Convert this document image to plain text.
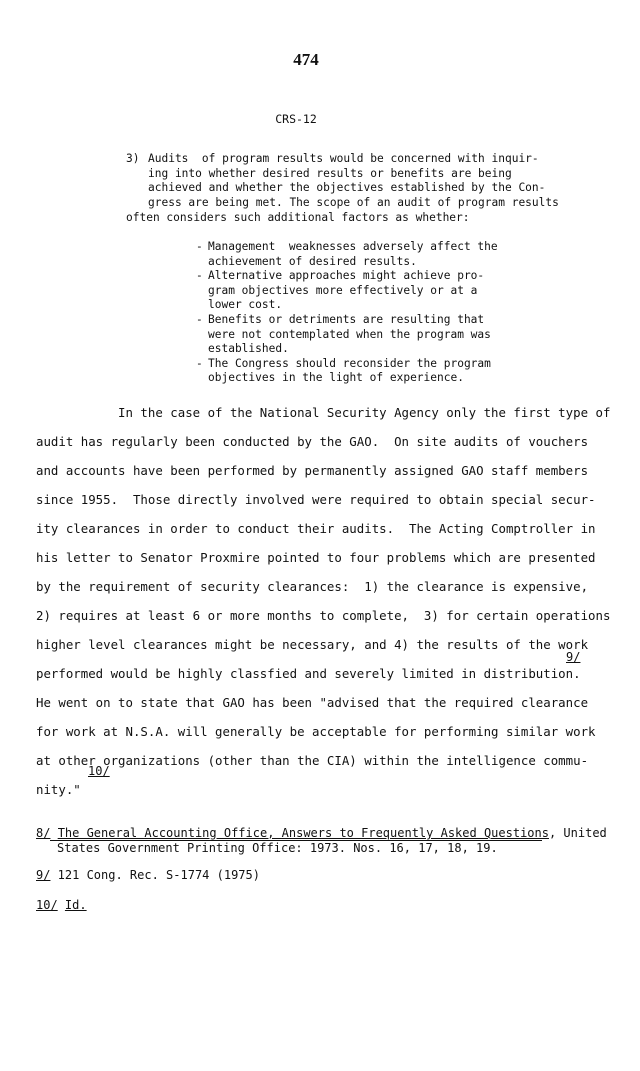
474
CRS-12
3) Audits  of program results would be concerned with inquir-
ing into whether desired results or benefits are being
achieved and whether the objectives established by the Con-
gress are being met. The scope of an audit of program results
often considers such additional factors as whether:
- Management  weaknesses adversely affect the
achievement of desired results.
- Alternative approaches might achieve pro-
gram objectives more effectively or at a
lower cost.
- Benefits or detriments are resulting that
were not contemplated when the program was
established.
- The Congress should reconsider the program
objectives in the light of experience.
In the case of the National Security Agency only the first type of
audit has regularly been conducted by the GAO.  On site audits of vouchers
and accounts have been performed by permanently assigned GAO staff members
since 1955.  Those directly involved were required to obtain special secur-
ity clearances in order to conduct their audits.  The Acting Comptroller in
his letter to Senator Proxmire pointed to four problems which are presented
by the requirement of security clearances:  1) the clearance is expensive,
2) requires at least 6 or more months to complete,  3) for certain operations
higher level clearances might be necessary, and 4) the results of the work
performed would be highly classfied and severely limited in distribution.
He went on to state that GAO has been "advised that the required clearance
for work at N.S.A. will generally be acceptable for performing similar work
at other organizations (other than the CIA) within the intelligence commu-
nity."
9/
10/
8/ The General Accounting Office, Answers to Frequently Asked Questions, United
States Government Printing Office: 1973. Nos. 16, 17, 18, 19.
9/ 121 Cong. Rec. S-1774 (1975)
10/ Id.
